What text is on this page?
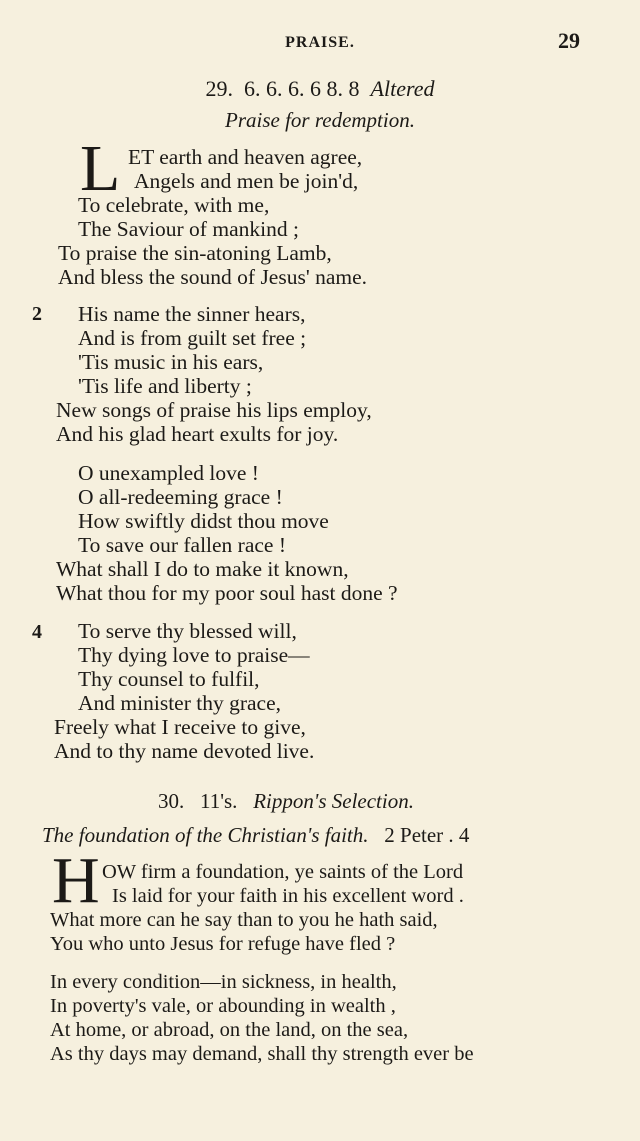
PRAISE.	29
29. 6. 6. 6. 6 8. 8 Altered
Praise for redemption.
L ET earth and heaven agree,
Angels and men be join'd,
To celebrate, with me,
The Saviour of mankind ;
To praise the sin-atoning Lamb,
And bless the sound of Jesus' name.
2 His name the sinner hears,
And is from guilt set free ;
'Tis music in his ears,
'Tis life and liberty ;
New songs of praise his lips employ,
And his glad heart exults for joy.
O unexampled love !
O all-redeeming grace !
How swiftly didst thou move
To save our fallen race !
What shall I do to make it known,
What thou for my poor soul hast done ?
4 To serve thy blessed will,
Thy dying love to praise—
Thy counsel to fulfil,
And minister thy grace,
Freely what I receive to give,
And to thy name devoted live.
30. 11's. Rippon's Selection.
The foundation of the Christian's faith. 2 Peter . 4
H OW firm a foundation, ye saints of the Lord
Is laid for your faith in his excellent word .
What more can he say than to you he hath said,
You who unto Jesus for refuge have fled ?
In every condition—in sickness, in health,
In poverty's vale, or abounding in wealth ,
At home, or abroad, on the land, on the sea,
As thy days may demand, shall thy strength ever be
